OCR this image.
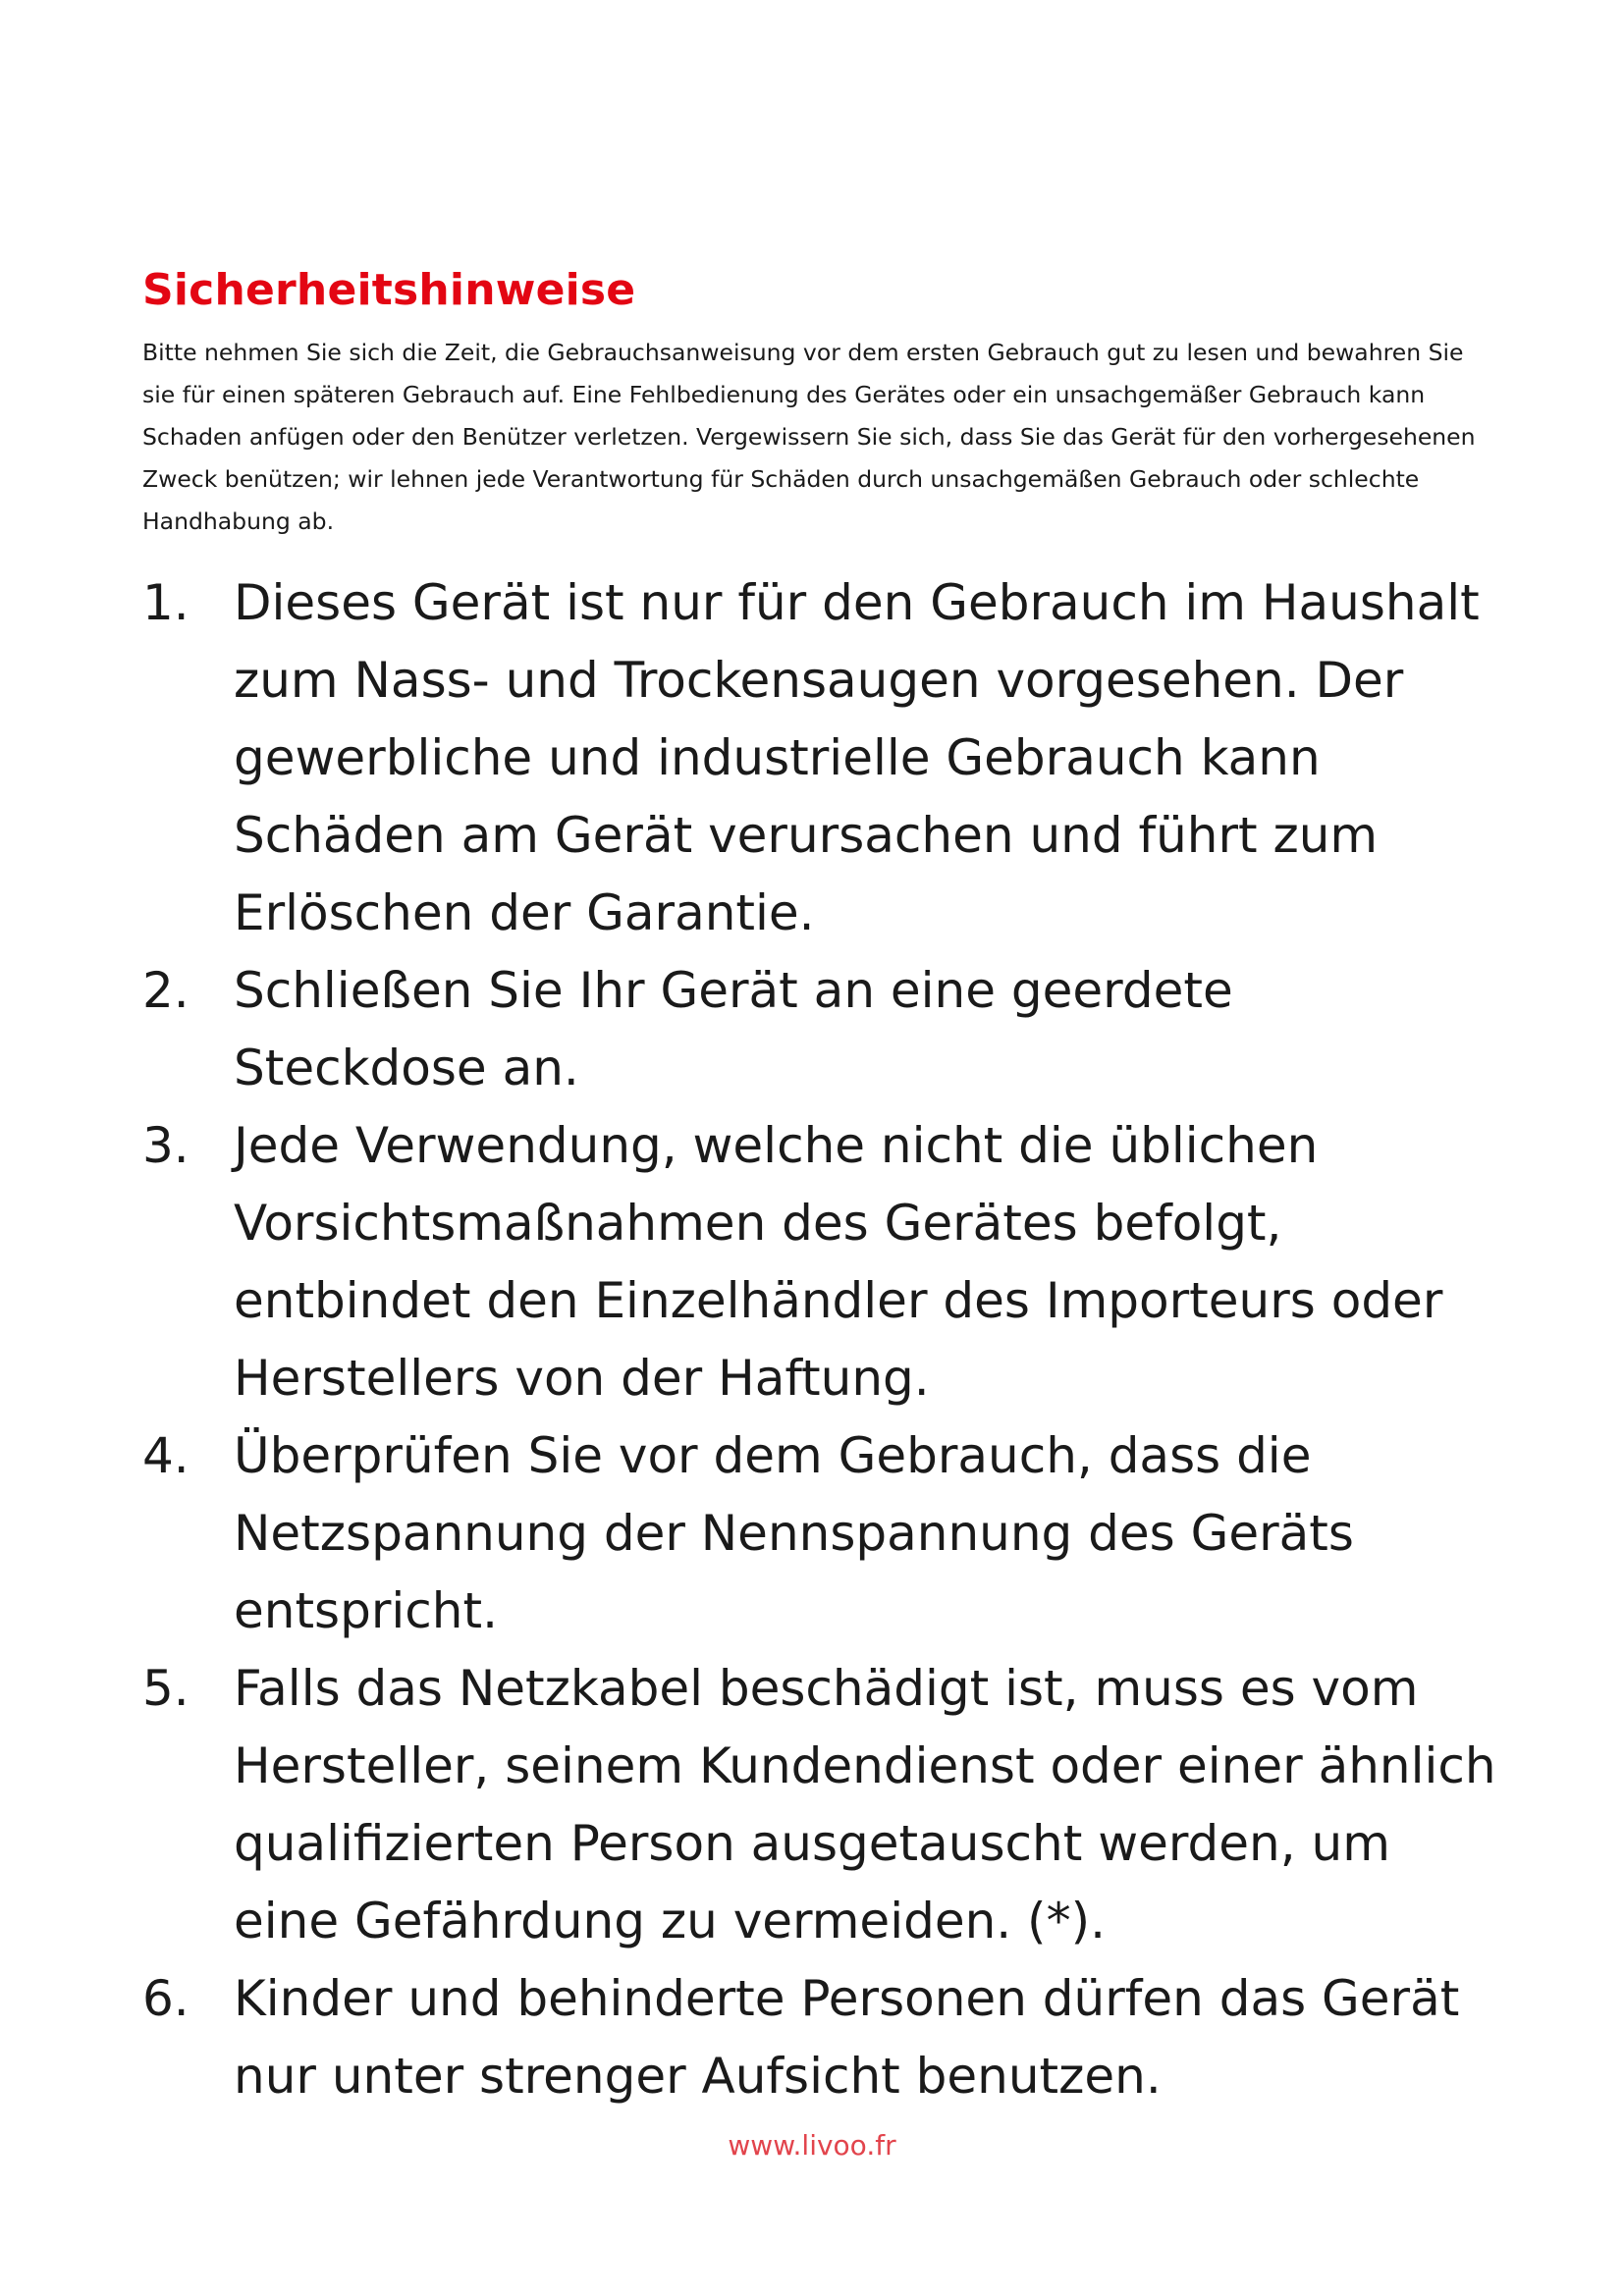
Sicherheitshinweise

Bitte nehmen Sie sich die Zeit, die Gebrauchsanweisung vor dem ersten Gebrauch gut zu lesen und bewahren Sie sie für einen späteren Gebrauch auf. Eine Fehlbedienung des Gerätes oder ein unsachgemäßer Gebrauch kann Schaden anfügen oder den Benützer verletzen. Vergewissern Sie sich, dass Sie das Gerät für den vorhergesehenen Zweck benützen; wir lehnen jede Verantwortung für Schäden durch unsachgemäßen Gebrauch oder schlechte Handhabung ab.

1. Dieses Gerät ist nur für den Gebrauch im Haushalt zum Nass- und Trockensaugen vorgesehen. Der gewerbliche und industrielle Gebrauch kann Schäden am Gerät verursachen und führt zum Erlöschen der Garantie.
2. Schließen Sie Ihr Gerät an eine geerdete Steckdose an.
3. Jede Verwendung, welche nicht die üblichen Vorsichtsmaßnahmen des Gerätes befolgt, entbindet den Einzelhändler des Importeurs oder Herstellers von der Haftung.
4. Überprüfen Sie vor dem Gebrauch, dass die Netzspannung der Nennspannung des Geräts entspricht.
5. Falls das Netzkabel beschädigt ist, muss es vom Hersteller, seinem Kundendienst oder einer ähnlich qualifizierten Person ausgetauscht werden, um eine Gefährdung zu vermeiden. (*).
6. Kinder und behinderte Personen dürfen das Gerät nur unter strenger Aufsicht benutzen.
www.livoo.fr
